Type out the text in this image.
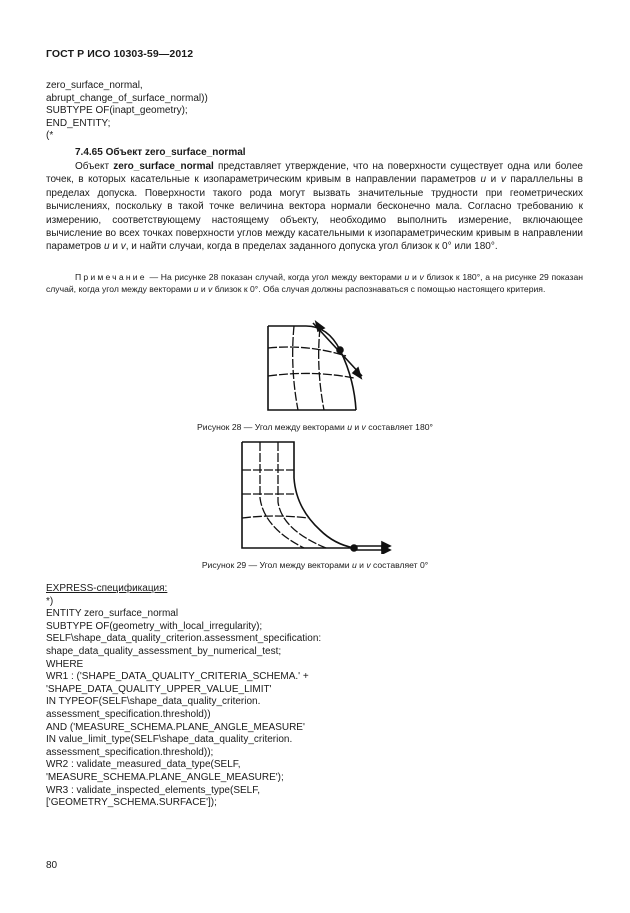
ГОСТ Р ИСО 10303-59—2012
zero_surface_normal,
abrupt_change_of_surface_normal))
SUBTYPE OF(inapt_geometry);
END_ENTITY;
(*
7.4.65 Объект zero_surface_normal
Объект zero_surface_normal представляет утверждение, что на поверхности существует одна или более точек, в которых касательные к изопараметрическим кривым в направлении параметров u и v параллельны в пределах допуска. Поверхности такого рода могут вызвать значительные трудности при геометрических вычислениях, поскольку в такой точке величина вектора нормали бесконечно мала. Согласно требованию к измерению, соответствующему настоящему объекту, необходимо выполнить измерение, включающее вычисление во всех точках поверхности углов между касательными к изопараметрическим кривым в направлении параметров u и v, и найти случаи, когда в пределах заданного допуска угол близок к 0° или 180°.
Примечание — На рисунке 28 показан случай, когда угол между векторами u и v близок к 180°, а на рисунке 29 показан случай, когда угол между векторами u и v близок к 0°. Оба случая должны распознаваться с помощью настоящего критерия.
Рисунок 28 — Угол между векторами u и v составляет 180°
Рисунок 29 — Угол между векторами u и v составляет 0°
EXPRESS-спецификация:
*)
ENTITY zero_surface_normal
SUBTYPE OF(geometry_with_local_irregularity);
SELF\shape_data_quality_criterion.assessment_specification:
shape_data_quality_assessment_by_numerical_test;
WHERE
WR1 : ('SHAPE_DATA_QUALITY_CRITERIA_SCHEMA.' +
'SHAPE_DATA_QUALITY_UPPER_VALUE_LIMIT'
IN TYPEOF(SELF\shape_data_quality_criterion.
assessment_specification.threshold))
AND ('MEASURE_SCHEMA.PLANE_ANGLE_MEASURE'
IN value_limit_type(SELF\shape_data_quality_criterion.
assessment_specification.threshold));
WR2 : validate_measured_data_type(SELF,
'MEASURE_SCHEMA.PLANE_ANGLE_MEASURE');
WR3 : validate_inspected_elements_type(SELF,
['GEOMETRY_SCHEMA.SURFACE']);
80
